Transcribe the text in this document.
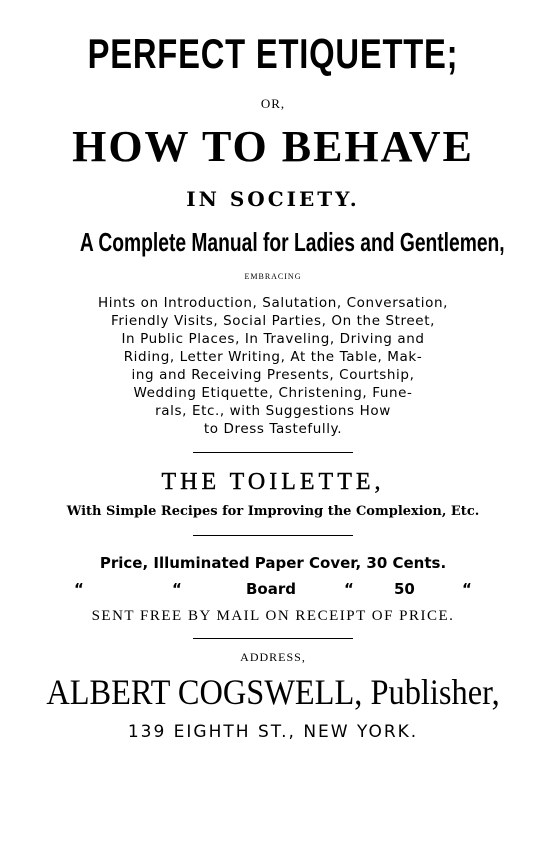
PERFECT ETIQUETTE;
OR,
HOW TO BEHAVE
IN SOCIETY.
A Complete Manual for Ladies and Gentlemen,
EMBRACING
Hints on Introduction, Salutation, Conversation,
Friendly Visits, Social Parties, On the Street,
In Public Places, In Traveling, Driving and
Riding, Letter Writing, At the Table, Mak-
ing and Receiving Presents, Courtship,
Wedding Etiquette, Christening, Fune-
rals, Etc., with Suggestions How
to Dress Tastefully.
THE TOILETTE,
With Simple Recipes for Improving the Complexion, Etc.
Price, Illuminated Paper Cover, 30 Cents.
“	“	Board	“	50	“
SENT FREE BY MAIL ON RECEIPT OF PRICE.
ADDRESS,
ALBERT COGSWELL, Publisher,
139 EIGHTH ST., NEW YORK.
